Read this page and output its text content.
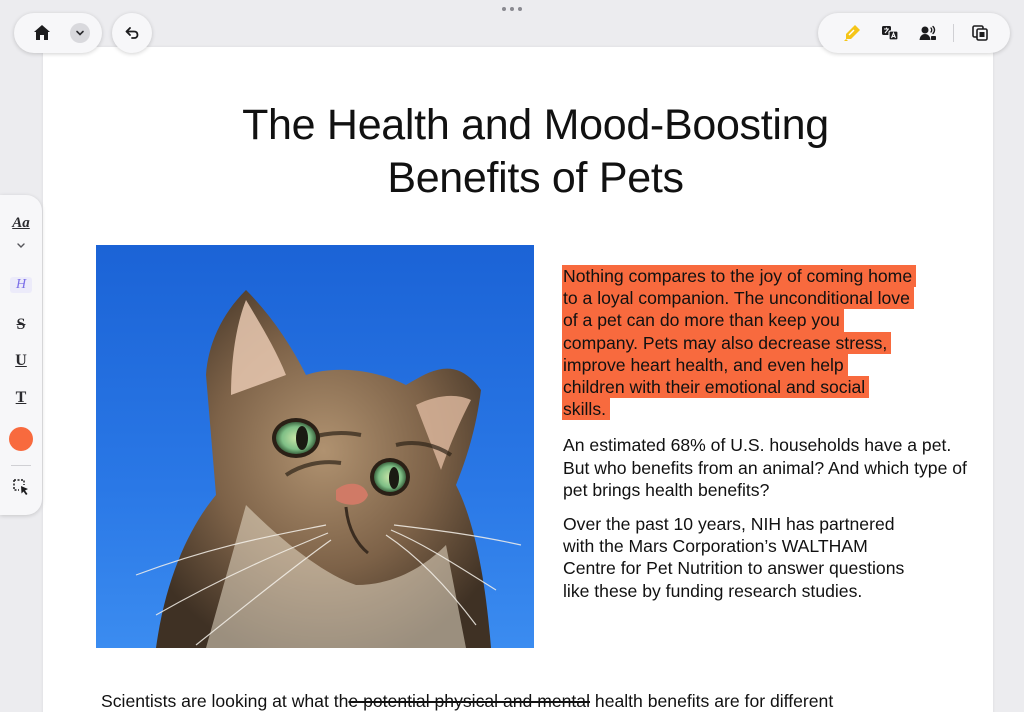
The Health and Mood-Boosting
Benefits of Pets
Nothing compares to the joy of coming home
to a loyal companion. The unconditional love
of a pet can do more than keep you
company. Pets may also decrease stress,
improve heart health, and even help
children with their emotional and social
skills.

An estimated 68% of U.S. households have a pet. But who benefits from an animal? And which type of pet brings health benefits?

Over the past 10 years, NIH has partnered with the Mars Corporation’s WALTHAM Centre for Pet Nutrition to answer questions like these by funding research studies.

Scientists are looking at what the potential physical and mental health benefits are for different
Aa
H
S
U
T
